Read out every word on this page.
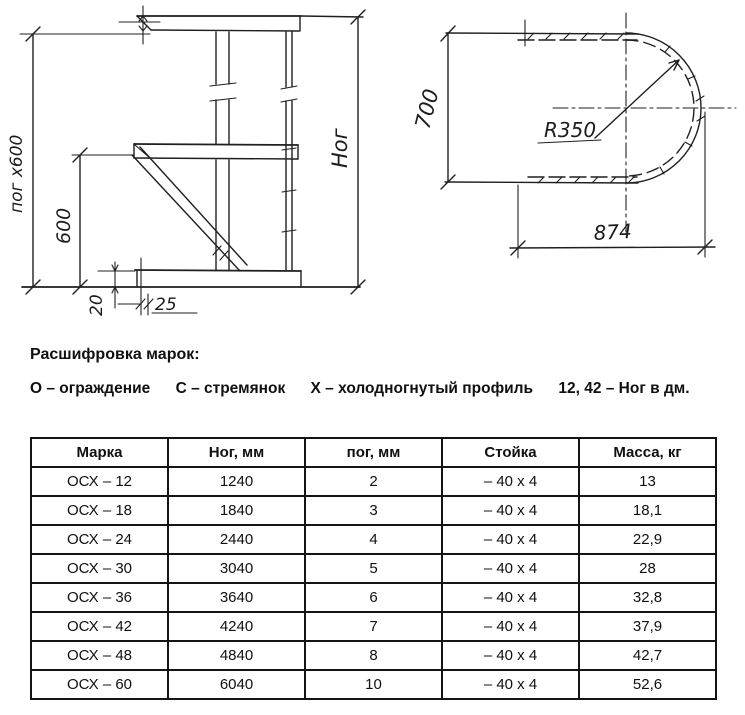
пог x600
600
Ног
20	25
700	R350
874

Расшифровка марок:

О – ограждение С – стремянок Х – холодногнутый профиль 12, 42 – Ног в дм.
Марка	Ног, мм	пог, мм	Стойка	Масса, кг
ОСХ – 12	1240	2	– 40 x 4	13
ОСХ – 18	1840	3	– 40 x 4	18,1
ОСХ – 24	2440	4	– 40 x 4	22,9
ОСХ – 30	3040	5	– 40 x 4	28
ОСХ – 36	3640	6	– 40 x 4	32,8
ОСХ – 42	4240	7	– 40 x 4	37,9
ОСХ – 48	4840	8	– 40 x 4	42,7
ОСХ – 60	6040	10	– 40 x 4	52,6
